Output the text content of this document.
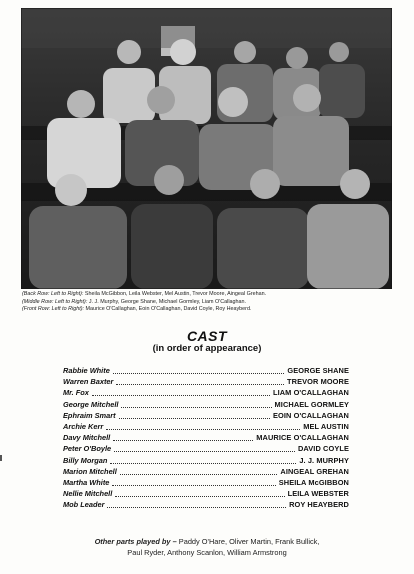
(Back Row: Left to Right): Sheila McGibbon, Leila Webster, Mel Austin, Trevor Moore, Aingeal Grehan.
(Middle Row: Left to Right): J. J. Murphy, George Shane, Michael Gormley, Liam O'Callaghan.
(Front Row: Left to Right): Maurice O'Callaghan, Eoin O'Callaghan, David Coyle, Roy Heayberd.
CAST
(in order of appearance)
Rabbie White	GEORGE SHANE
Warren Baxter	TREVOR MOORE
Mr. Fox	LIAM O'CALLAGHAN
George Mitchell	MICHAEL GORMLEY
Ephraim Smart	EOIN O'CALLAGHAN
Archie Kerr	MEL AUSTIN
Davy Mitchell	MAURICE O'CALLAGHAN
Peter O'Boyle	DAVID COYLE
Billy Morgan	J. J. MURPHY
Marion Mitchell	AINGEAL GREHAN
Martha White	SHEILA McGIBBON
Nellie Mitchell	LEILA WEBSTER
Mob Leader	ROY HEAYBERD
Other parts played by – Paddy O'Hare, Oliver Martin, Frank Bullick,
Paul Ryder, Anthony Scanlon, William Armstrong
